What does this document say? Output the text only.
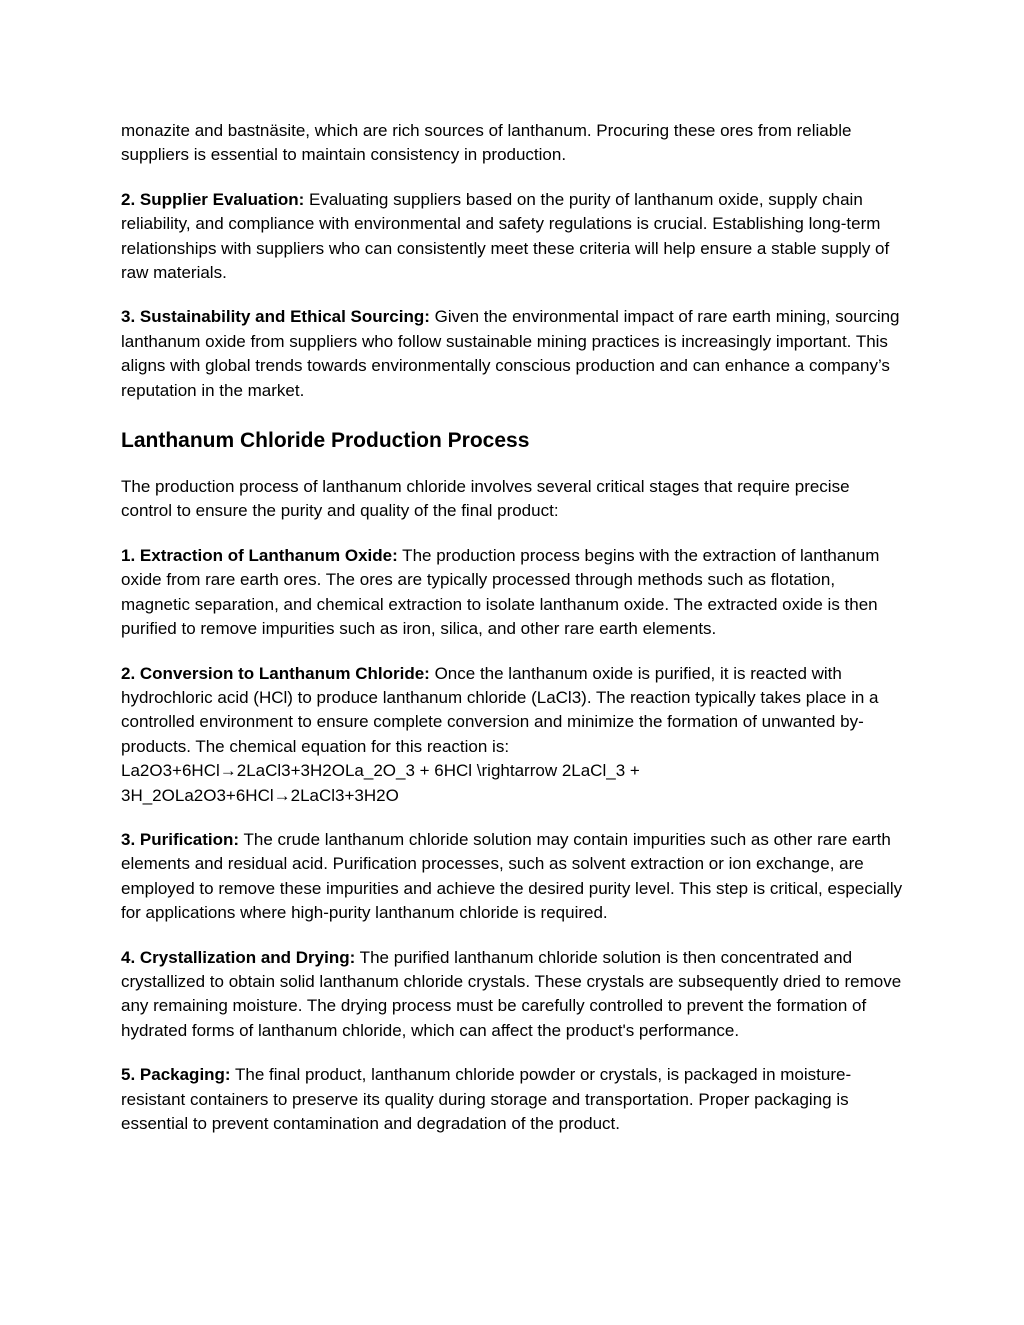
monazite and bastnäsite, which are rich sources of lanthanum. Procuring these ores from reliable suppliers is essential to maintain consistency in production.

2. Supplier Evaluation: Evaluating suppliers based on the purity of lanthanum oxide, supply chain reliability, and compliance with environmental and safety regulations is crucial. Establishing long-term relationships with suppliers who can consistently meet these criteria will help ensure a stable supply of raw materials.

3. Sustainability and Ethical Sourcing: Given the environmental impact of rare earth mining, sourcing lanthanum oxide from suppliers who follow sustainable mining practices is increasingly important. This aligns with global trends towards environmentally conscious production and can enhance a company’s reputation in the market.

Lanthanum Chloride Production Process

The production process of lanthanum chloride involves several critical stages that require precise control to ensure the purity and quality of the final product:

1. Extraction of Lanthanum Oxide: The production process begins with the extraction of lanthanum oxide from rare earth ores. The ores are typically processed through methods such as flotation, magnetic separation, and chemical extraction to isolate lanthanum oxide. The extracted oxide is then purified to remove impurities such as iron, silica, and other rare earth elements.

2. Conversion to Lanthanum Chloride: Once the lanthanum oxide is purified, it is reacted with hydrochloric acid (HCl) to produce lanthanum chloride (LaCl3). The reaction typically takes place in a controlled environment to ensure complete conversion and minimize the formation of unwanted by-products. The chemical equation for this reaction is:
La2O3+6HCl→2LaCl3+3H2OLa_2O_3 + 6HCl \rightarrow 2LaCl_3 + 3H_2OLa2O3+6HCl→2LaCl3+3H2O

3. Purification: The crude lanthanum chloride solution may contain impurities such as other rare earth elements and residual acid. Purification processes, such as solvent extraction or ion exchange, are employed to remove these impurities and achieve the desired purity level. This step is critical, especially for applications where high-purity lanthanum chloride is required.

4. Crystallization and Drying: The purified lanthanum chloride solution is then concentrated and crystallized to obtain solid lanthanum chloride crystals. These crystals are subsequently dried to remove any remaining moisture. The drying process must be carefully controlled to prevent the formation of hydrated forms of lanthanum chloride, which can affect the product's performance.

5. Packaging: The final product, lanthanum chloride powder or crystals, is packaged in moisture-resistant containers to preserve its quality during storage and transportation. Proper packaging is essential to prevent contamination and degradation of the product.
